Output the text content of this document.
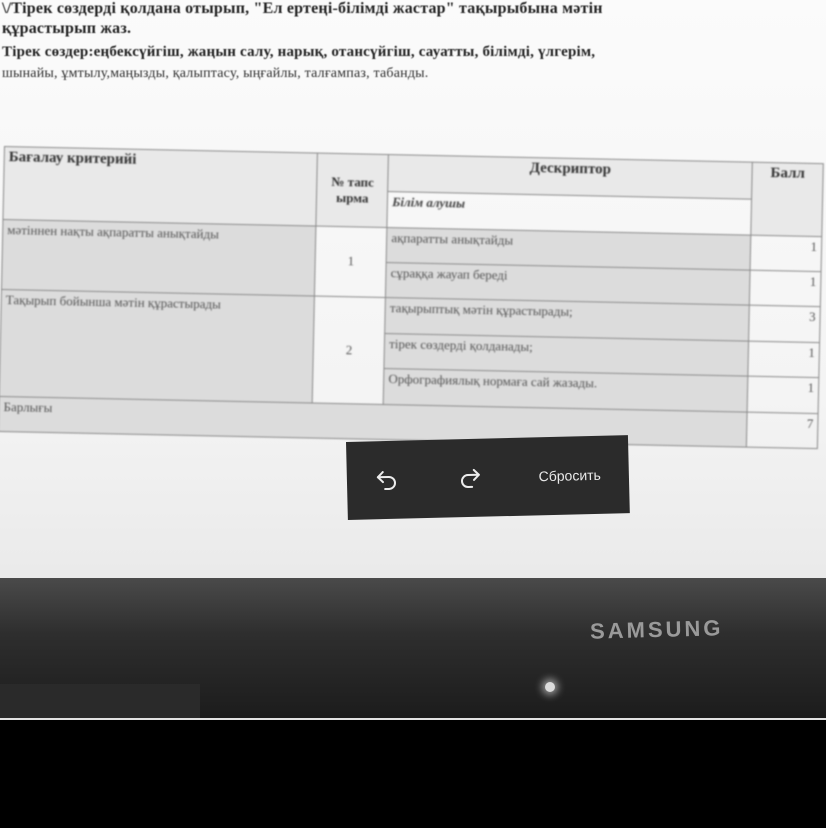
\/Тірек сөздерді қолдана отырып, "Ел ертеңі-білімді жастар" тақырыбына мәтін
құрастырып жаз.
Тірек сөздер:еңбексүйгіш, жаңын салу, нарық, отансүйгіш, сауатты, білімді, үлгерім,
шынайы, ұмтылу,маңызды, қалыптасу, ыңғайлы, талғампаз, табанды.
Бағалау критерийі	№ тапс ырма	Дескриптор	Балл
		Білім алушы	
мәтіннен нақты ақпаратты анықтайды	1	ақпаратты анықтайды	1
		сұраққа жауап береді	1
Тақырып бойынша мәтін құрастырады	2	тақырыптық мәтін құрастырады;	3
		тірек сөздерді қолданады;	1
		Орфографиялық нормаға сай жазады.	1
Барлығы			7
Сбросить
SAMSUNG
